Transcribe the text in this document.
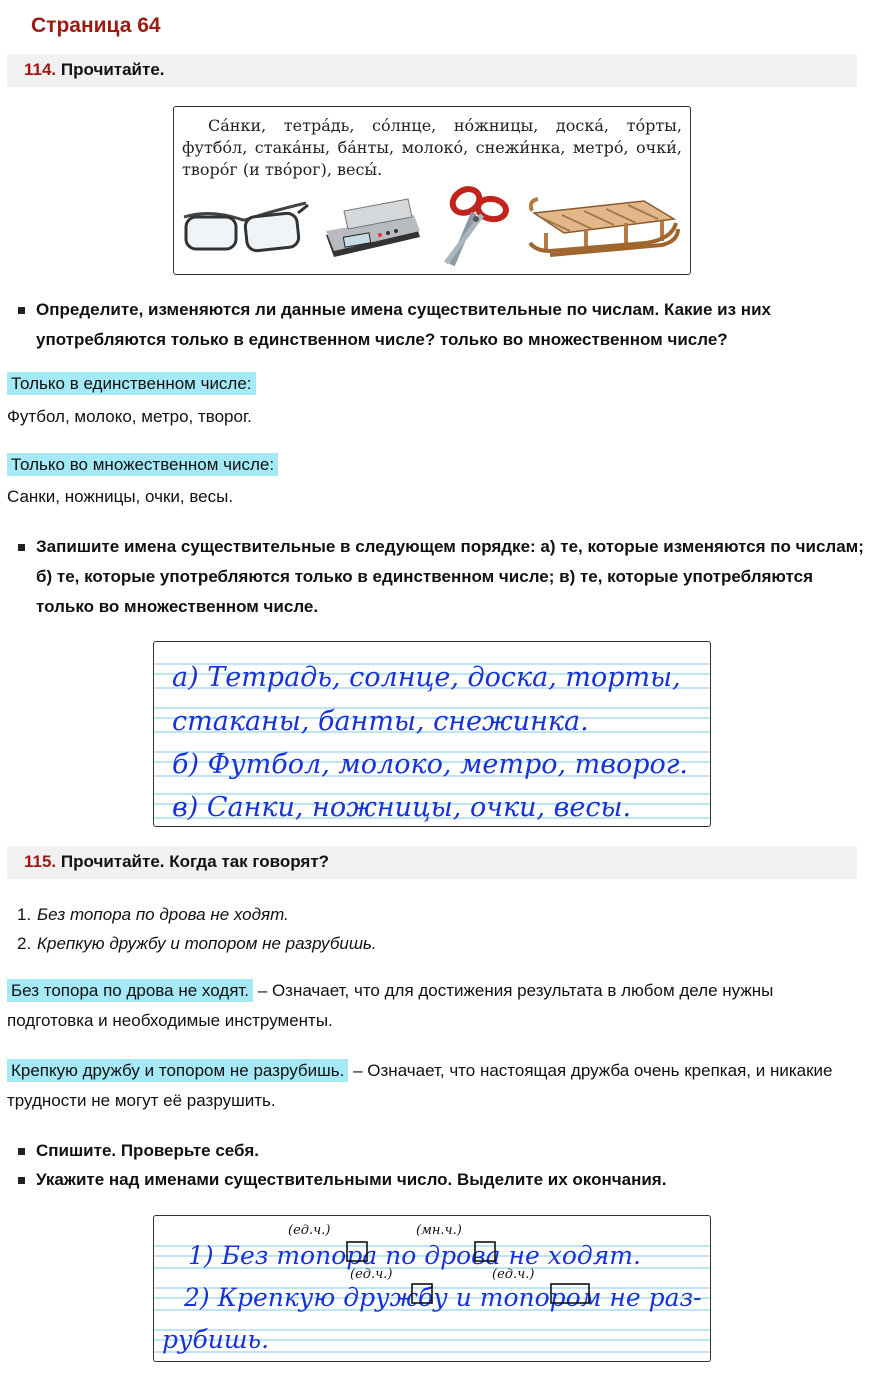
Страница 64
114. Прочитайте.
Са́нки, тетра́дь, со́лнце, но́жницы, доска́, то́рты, футбо́л, стака́ны, ба́нты, молоко́, снежи́нка, метро́, очки́, творо́г (и тво́рог), весы́.
Определите, изменяются ли данные имена существительные по числам. Какие из них употребляются только в единственном числе? только во множественном числе?
Только в единственном числе:
Футбол, молоко, метро, творог.
Только во множественном числе:
Санки, ножницы, очки, весы.
Запишите имена существительные в следующем порядке: а) те, которые изменяются по числам; б) те, которые употребляются только в единственном числе; в) те, которые употребляются только во множественном числе.
а) Тетрадь, солнце, доска, торты,
стаканы, банты, снежинка.
б) Футбол, молоко, метро, творог.
в) Санки, ножницы, очки, весы.
115. Прочитайте. Когда так говорят?
1. Без топора по дрова не ходят.
2. Крепкую дружбу и топором не разрубишь.
Без топора по дрова не ходят. – Означает, что для достижения результата в любом деле нужны подготовка и необходимые инструменты.
Крепкую дружбу и топором не разрубишь. – Означает, что настоящая дружба очень крепкая, и никакие трудности не могут её разрушить.
Спишите. Проверьте себя.
Укажите над именами существительными число. Выделите их окончания.
(ед.ч.)	(мн.ч.)
(ед.ч.)	(ед.ч.)
1) Без топора по дрова не ходят.
2) Крепкую дружбу и топором не раз-
рубишь.
